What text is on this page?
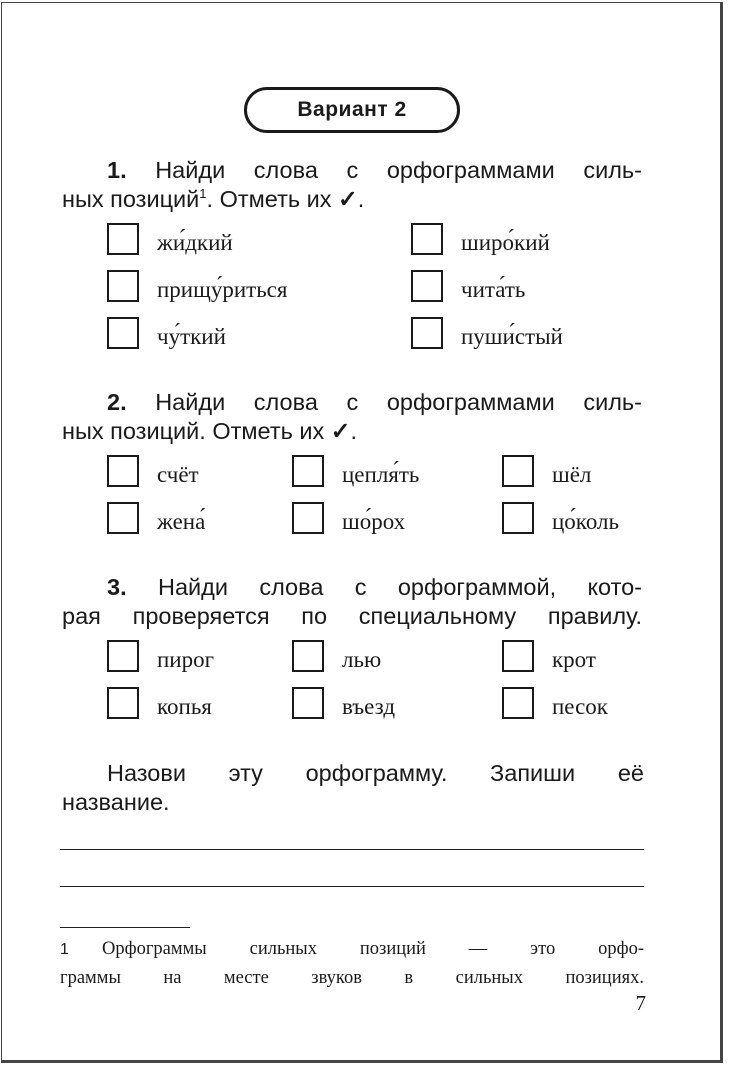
Вариант 2
1. Найди слова с орфограммами силь-
ных позиций$^1$. Отметь их ✓.
жи́дкий	широ́кий
прищу́риться	чита́ть
чу́ткий	пуши́стый
2. Найди слова с орфограммами силь-
ных позиций. Отметь их ✓.
счёт	цепля́ть	шёл
жена́	шо́рох	цо́коль
3. Найди слова с орфограммой, кото-
рая проверяется по специальному правилу.
пирог	лью	крот
копья	въезд	песок
Назови эту орфограмму. Запиши её
название.
1 Орфограммы сильных позиций — это орфо-
граммы на месте звуков в сильных позициях.
7
